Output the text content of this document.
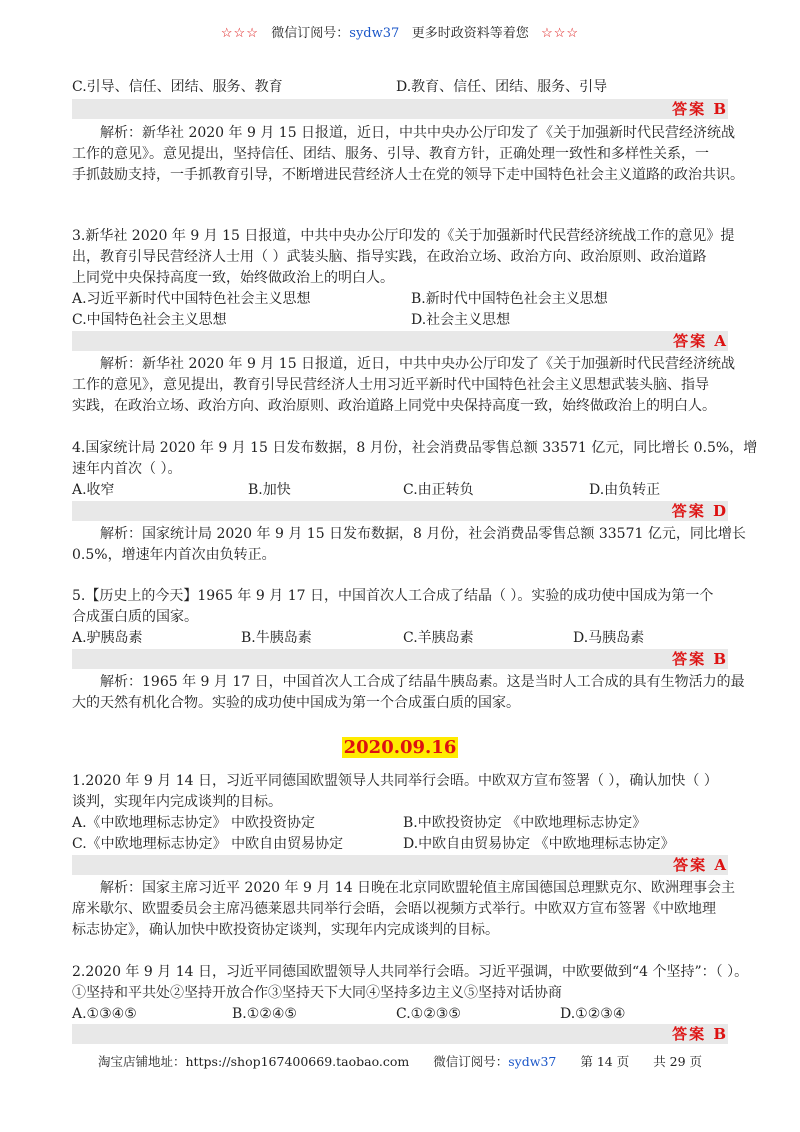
☆☆☆ 微信订阅号：sydw37 更多时政资料等着您 ☆☆☆
C.引导、信任、团结、服务、教育	D.教育、信任、团结、服务、引导
答案 B
解析：新华社 2020 年 9 月 15 日报道，近日，中共中央办公厅印发了《关于加强新时代民营经济统战
工作的意见》。意见提出，坚持信任、团结、服务、引导、教育方针，正确处理一致性和多样性关系，一
手抓鼓励支持，一手抓教育引导，不断增进民营经济人士在党的领导下走中国特色社会主义道路的政治共识。
3.新华社 2020 年 9 月 15 日报道，中共中央办公厅印发的《关于加强新时代民营经济统战工作的意见》提
出，教育引导民营经济人士用（ ）武装头脑、指导实践，在政治立场、政治方向、政治原则、政治道路
上同党中央保持高度一致，始终做政治上的明白人。
A.习近平新时代中国特色社会主义思想	B.新时代中国特色社会主义思想
C.中国特色社会主义思想	D.社会主义思想
答案 A
解析：新华社 2020 年 9 月 15 日报道，近日，中共中央办公厅印发了《关于加强新时代民营经济统战
工作的意见》，意见提出，教育引导民营经济人士用习近平新时代中国特色社会主义思想武装头脑、指导
实践，在政治立场、政治方向、政治原则、政治道路上同党中央保持高度一致，始终做政治上的明白人。
4.国家统计局 2020 年 9 月 15 日发布数据，8 月份，社会消费品零售总额 33571 亿元，同比增长 0.5%，增
速年内首次（ ）。
A.收窄	B.加快	C.由正转负	D.由负转正
答案 D
解析：国家统计局 2020 年 9 月 15 日发布数据，8 月份，社会消费品零售总额 33571 亿元，同比增长
0.5%，增速年内首次由负转正。
5.【历史上的今天】1965 年 9 月 17 日，中国首次人工合成了结晶（ ）。实验的成功使中国成为第一个
合成蛋白质的国家。
A.驴胰岛素	B.牛胰岛素	C.羊胰岛素	D.马胰岛素
答案 B
解析：1965 年 9 月 17 日，中国首次人工合成了结晶牛胰岛素。这是当时人工合成的具有生物活力的最
大的天然有机化合物。实验的成功使中国成为第一个合成蛋白质的国家。
2020.09.16
1.2020 年 9 月 14 日，习近平同德国欧盟领导人共同举行会晤。中欧双方宣布签署（ ），确认加快（ ）
谈判，实现年内完成谈判的目标。
A.《中欧地理标志协定》 中欧投资协定	B.中欧投资协定 《中欧地理标志协定》
C.《中欧地理标志协定》 中欧自由贸易协定	D.中欧自由贸易协定 《中欧地理标志协定》
答案 A
解析：国家主席习近平 2020 年 9 月 14 日晚在北京同欧盟轮值主席国德国总理默克尔、欧洲理事会主
席米歇尔、欧盟委员会主席冯德莱恩共同举行会晤，会晤以视频方式举行。中欧双方宣布签署《中欧地理
标志协定》，确认加快中欧投资协定谈判，实现年内完成谈判的目标。
2.2020 年 9 月 14 日，习近平同德国欧盟领导人共同举行会晤。习近平强调，中欧要做到“4 个坚持”：（ ）。
①坚持和平共处②坚持开放合作③坚持天下大同④坚持多边主义⑤坚持对话协商
A.①③④⑤	B.①②④⑤	C.①②③⑤	D.①②③④
答案 B
淘宝店铺地址：https://shop167400669.taobao.com 微信订阅号：sydw37 第 14 页 共 29 页
